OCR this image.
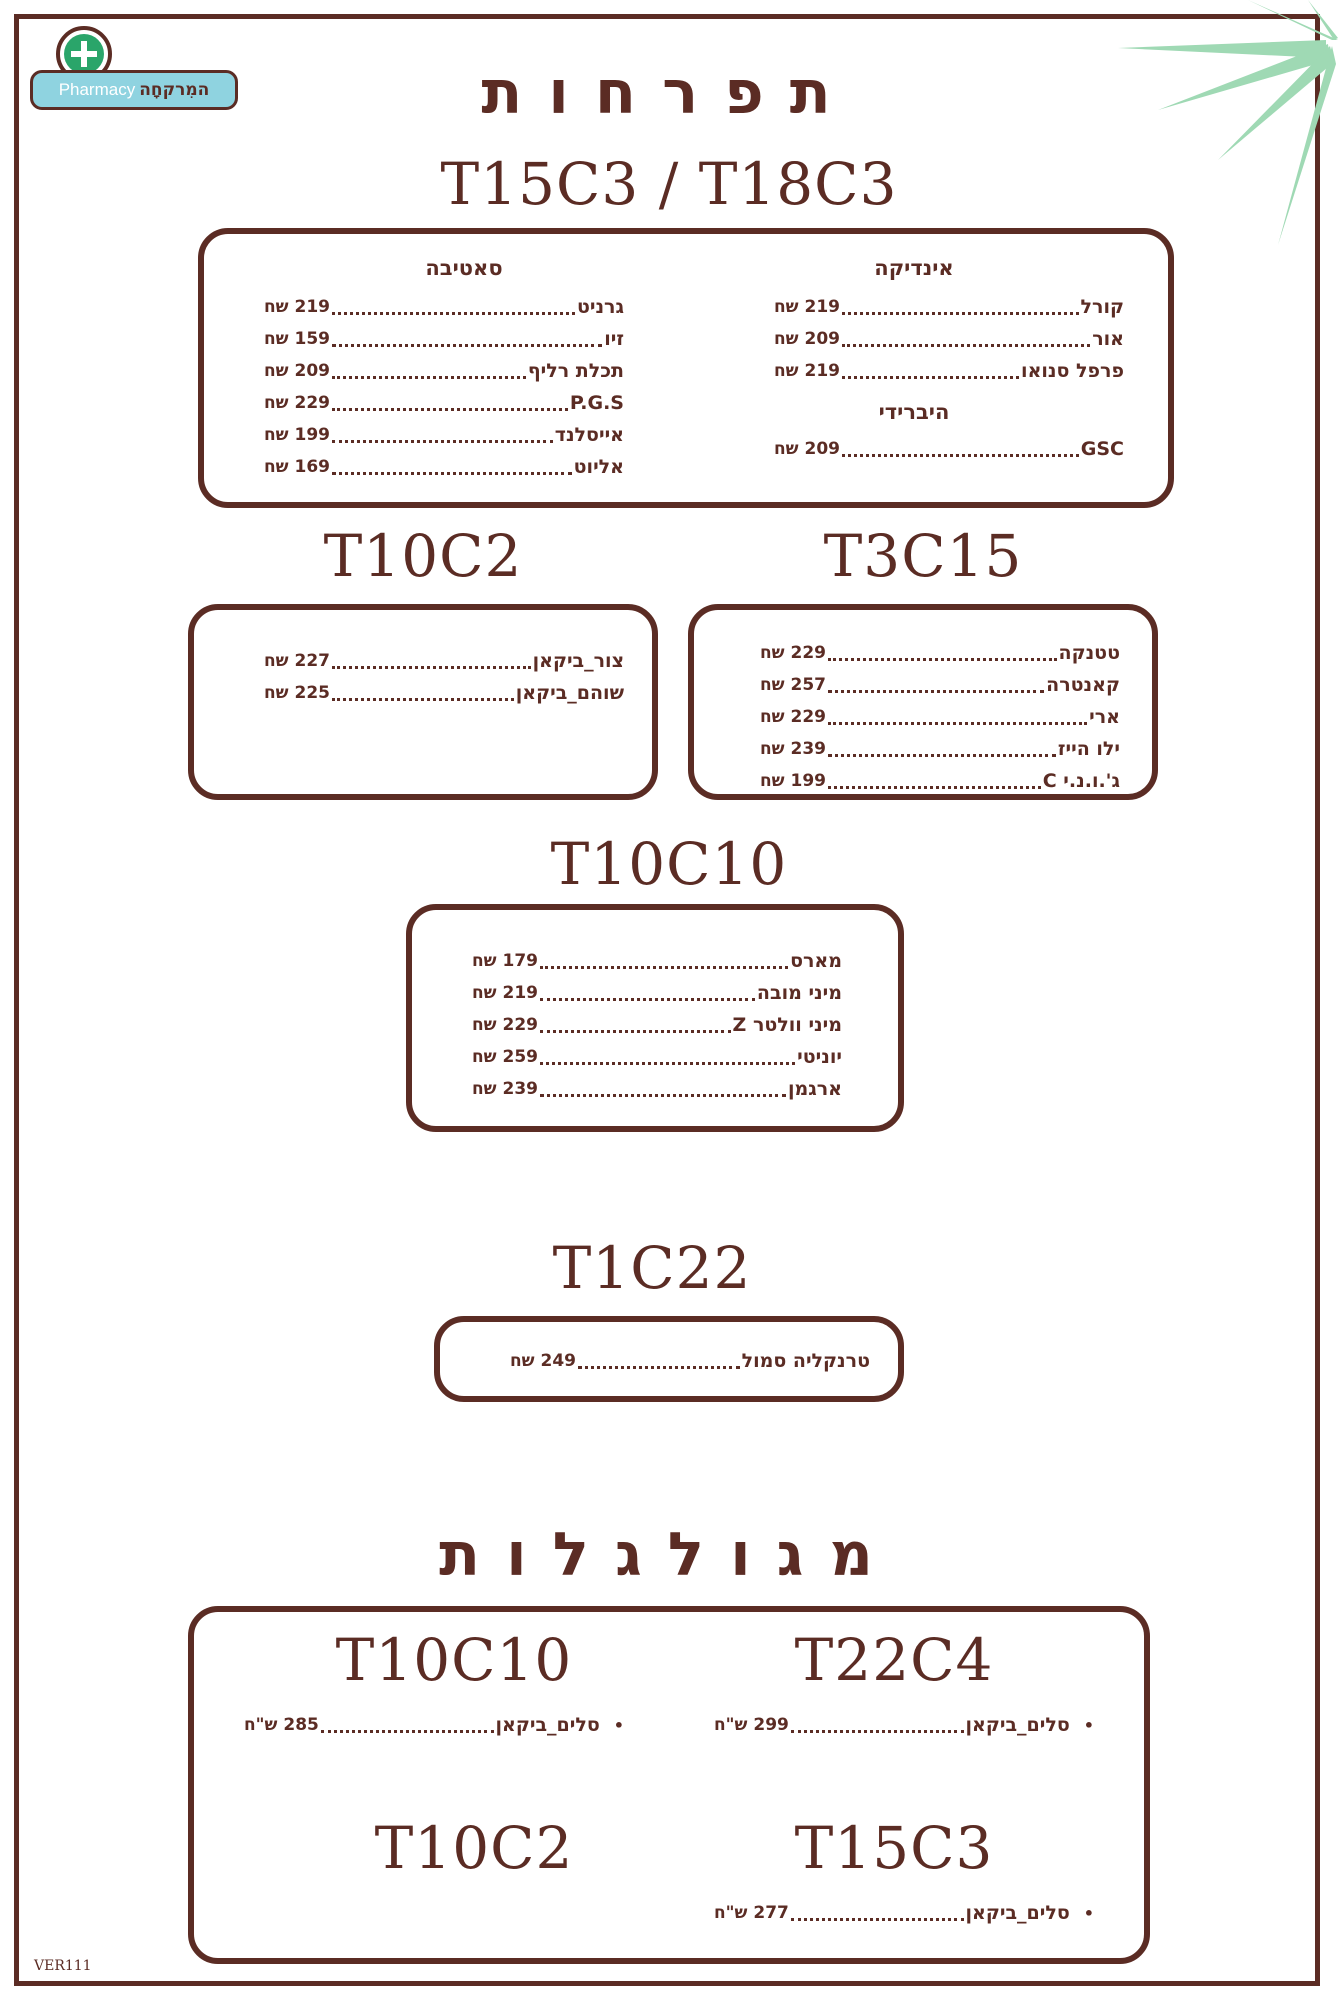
Pharmacy המִרקחָה	תפרחות
T15C3 / T18C3
אינדיקה
סאטיבה
קורל
219 ש‏ח
אור
209 ש‏ח
פרפל סנואו
219 ש‏ח
היברידי
GSC
209 ש‏ח
גרניט
219 ש‏ח
זיו
159 ש‏ח
תכלת רליף
209 ש‏ח
P.G.S
229 ש‏ח
אייסלנד
199 ש‏ח
אליוט
169 ש‏ח
T10C2	T3C15
צור_ביקאן
227 ש‏ח
שוהם_ביקאן
225 ש‏ח
טטנקה
229 ש‏ח
קאנטרה
257 ש‏ח
ארי
229 ש‏ח
ילו הייז
239 ש‏ח
ג'.ו.נ.י C
199 ש‏ח
T10C10
מארס
179 ש‏ח
מיני מובה
219 ש‏ח
מיני וולטר Z
229 ש‏ח
יוניטי
259 ש‏ח
ארגמן
239 ש‏ח
T1C22
טרנקליה סמול
249 ש‏ח
מגולגלות
T22C4
T10C10
•
סלים_ביקאן
299 ש"ח
•
סלים_ביקאן
285 ש"ח
T15C3
T10C2
•
סלים_ביקאן
277 ש"ח
VER111
